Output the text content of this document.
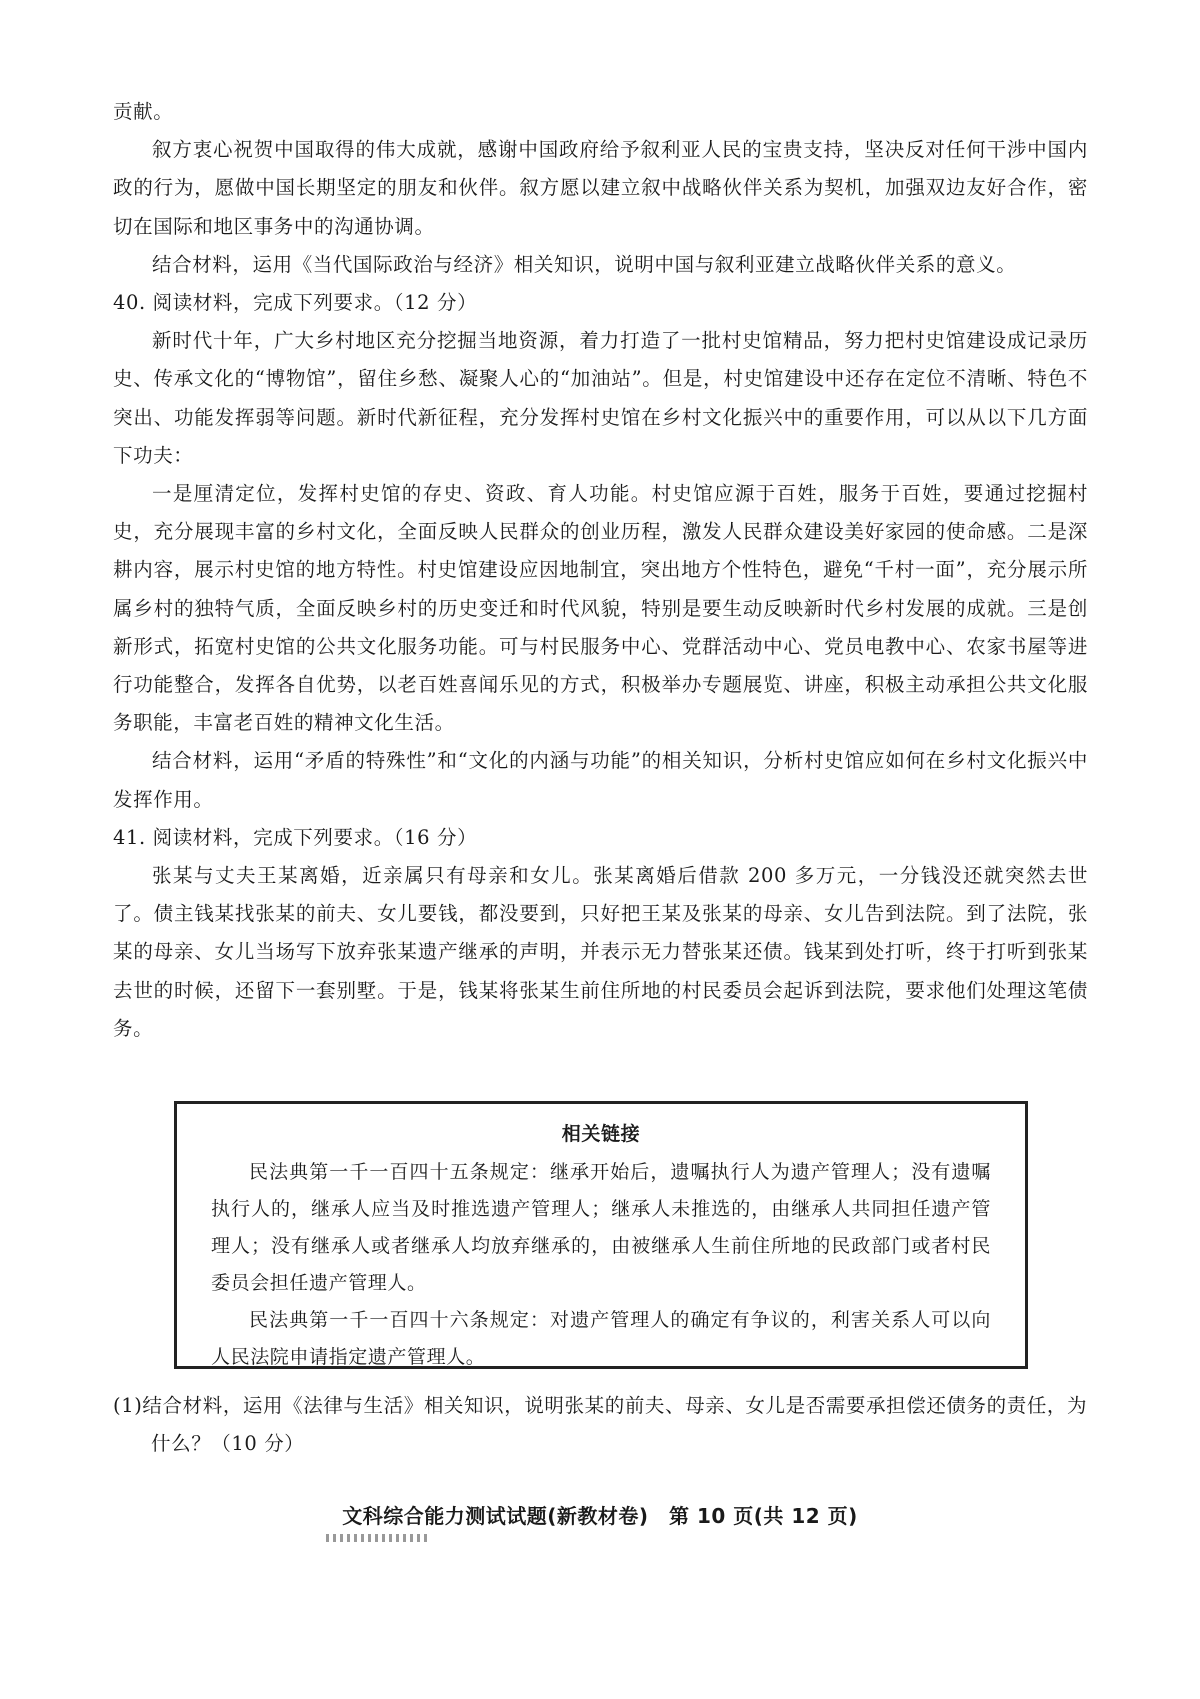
贡献。

叙方衷心祝贺中国取得的伟大成就，感谢中国政府给予叙利亚人民的宝贵支持，坚决反对任何干涉中国内政的行为，愿做中国长期坚定的朋友和伙伴。叙方愿以建立叙中战略伙伴关系为契机，加强双边友好合作，密切在国际和地区事务中的沟通协调。

结合材料，运用《当代国际政治与经济》相关知识，说明中国与叙利亚建立战略伙伴关系的意义。

40. 阅读材料，完成下列要求。（12 分）

新时代十年，广大乡村地区充分挖掘当地资源，着力打造了一批村史馆精品，努力把村史馆建设成记录历史、传承文化的“博物馆”，留住乡愁、凝聚人心的“加油站”。但是，村史馆建设中还存在定位不清晰、特色不突出、功能发挥弱等问题。新时代新征程，充分发挥村史馆在乡村文化振兴中的重要作用，可以从以下几方面下功夫：

一是厘清定位，发挥村史馆的存史、资政、育人功能。村史馆应源于百姓，服务于百姓，要通过挖掘村史，充分展现丰富的乡村文化，全面反映人民群众的创业历程，激发人民群众建设美好家园的使命感。二是深耕内容，展示村史馆的地方特性。村史馆建设应因地制宜，突出地方个性特色，避免“千村一面”，充分展示所属乡村的独特气质，全面反映乡村的历史变迁和时代风貌，特别是要生动反映新时代乡村发展的成就。三是创新形式，拓宽村史馆的公共文化服务功能。可与村民服务中心、党群活动中心、党员电教中心、农家书屋等进行功能整合，发挥各自优势，以老百姓喜闻乐见的方式，积极举办专题展览、讲座，积极主动承担公共文化服务职能，丰富老百姓的精神文化生活。

结合材料，运用“矛盾的特殊性”和“文化的内涵与功能”的相关知识，分析村史馆应如何在乡村文化振兴中发挥作用。

41. 阅读材料，完成下列要求。（16 分）

张某与丈夫王某离婚，近亲属只有母亲和女儿。张某离婚后借款 200 多万元，一分钱没还就突然去世了。债主钱某找张某的前夫、女儿要钱，都没要到，只好把王某及张某的母亲、女儿告到法院。到了法院，张某的母亲、女儿当场写下放弃张某遗产继承的声明，并表示无力替张某还债。钱某到处打听，终于打听到张某去世的时候，还留下一套别墅。于是，钱某将张某生前住所地的村民委员会起诉到法院，要求他们处理这笔债务。

相关链接

民法典第一千一百四十五条规定：继承开始后，遗嘱执行人为遗产管理人；没有遗嘱执行人的，继承人应当及时推选遗产管理人；继承人未推选的，由继承人共同担任遗产管理人；没有继承人或者继承人均放弃继承的，由被继承人生前住所地的民政部门或者村民委员会担任遗产管理人。

民法典第一千一百四十六条规定：对遗产管理人的确定有争议的，利害关系人可以向人民法院申请指定遗产管理人。

(1)结合材料，运用《法律与生活》相关知识，说明张某的前夫、母亲、女儿是否需要承担偿还债务的责任，为什么？（10 分）

文科综合能力测试试题(新教材卷)　第 10 页(共 12 页)
